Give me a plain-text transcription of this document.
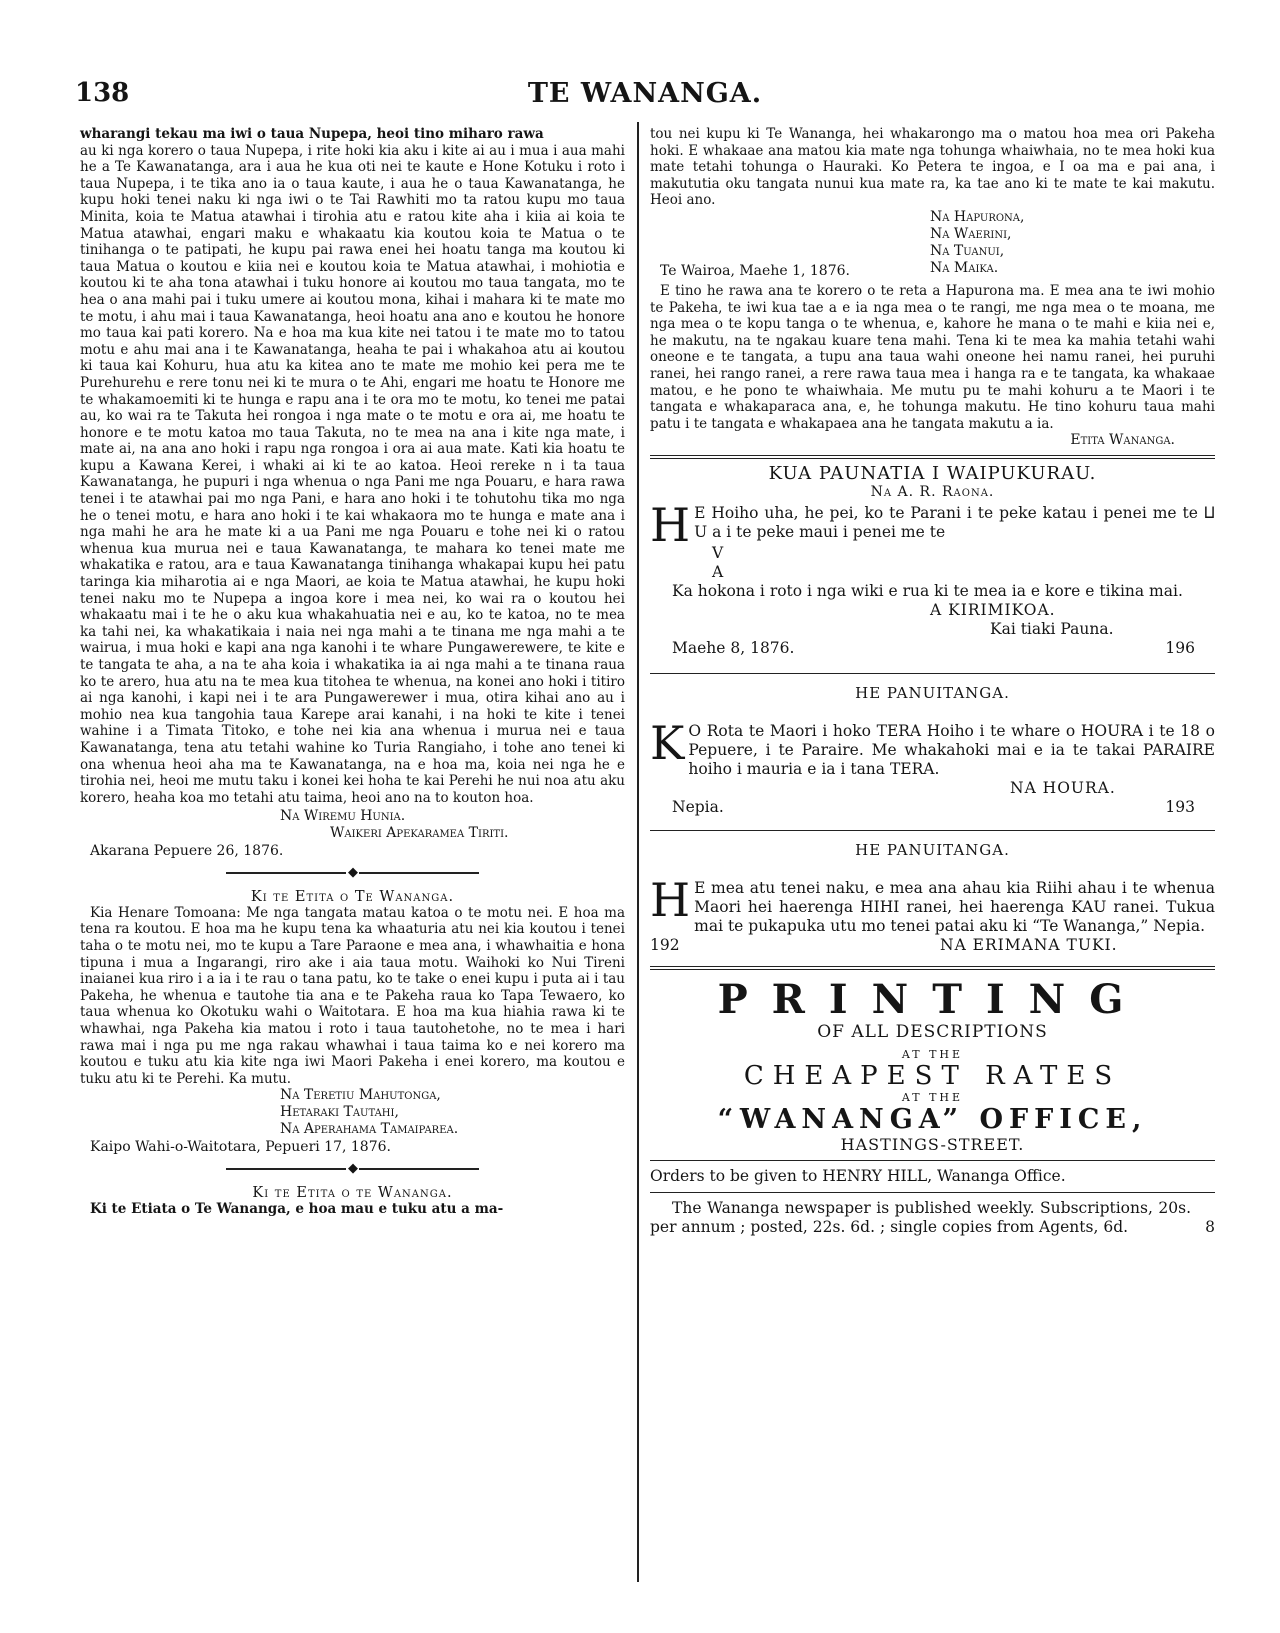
TE WANANGA.
138

wharangi tekau ma iwi o taua Nupepa, heoi tino miharo rawa

au ki nga korero o taua Nupepa, i rite hoki kia aku i kite ai au i mua i aua mahi he a Te Kawanatanga, ara i aua he kua oti nei te kaute e Hone Kotuku i roto i taua Nupepa, i te tika ano ia o taua kaute, i aua he o taua Kawanatanga, he kupu hoki tenei naku ki nga iwi o te Tai Rawhiti mo ta ratou kupu mo taua Minita, koia te Matua atawhai i tirohia atu e ratou kite aha i kiia ai koia te Matua atawhai, engari maku e whakaatu kia koutou koia te Matua o te tinihanga o te patipati, he kupu pai rawa enei hei hoatu tanga ma koutou ki taua Matua o koutou e kiia nei e koutou koia te Matua atawhai, i mohiotia e koutou ki te aha tona atawhai i tuku honore ai koutou mo taua tangata, mo te hea o ana mahi pai i tuku umere ai koutou mona, kihai i mahara ki te mate mo te motu, i ahu mai i taua Kawanatanga, heoi hoatu ana ano e koutou he honore mo taua kai pati korero. Na e hoa ma kua kite nei tatou i te mate mo to tatou motu e ahu mai ana i te Kawanatanga, heaha te pai i whakahoa atu ai koutou ki taua kai Kohuru, hua atu ka kitea ano te mate me mohio kei pera me te Purehurehu e rere tonu nei ki te mura o te Ahi, engari me hoatu te Honore me te whakamoemiti ki te hunga e rapu ana i te ora mo te motu, ko tenei me patai au, ko wai ra te Takuta hei rongoa i nga mate o te motu e ora ai, me hoatu te honore e te motu katoa mo taua Takuta, no te mea na ana i kite nga mate, i mate ai, na ana ano hoki i rapu nga rongoa i ora ai aua mate. Kati kia hoatu te kupu a Kawana Kerei, i whaki ai ki te ao katoa. Heoi rereke n i ta taua Kawanatanga, he pupuri i nga whenua o nga Pani me nga Pouaru, e hara rawa tenei i te atawhai pai mo nga Pani, e hara ano hoki i te tohutohu tika mo nga he o tenei motu, e hara ano hoki i te kai whakaora mo te hunga e mate ana i nga mahi he ara he mate ki a ua Pani me nga Pouaru e tohe nei ki o ratou whenua kua murua nei e taua Kawanatanga, te mahara ko tenei mate me whakatika e ratou, ara e taua Kawanatanga tinihanga whakapai kupu hei patu taringa kia miharotia ai e nga Maori, ae koia te Matua atawhai, he kupu hoki tenei naku mo te Nupepa a ingoa kore i mea nei, ko wai ra o koutou hei whakaatu mai i te he o aku kua whakahuatia nei e au, ko te katoa, no te mea ka tahi nei, ka whakatikaia i naia nei nga mahi a te tinana me nga mahi a te wairua, i mua hoki e kapi ana nga kanohi i te whare Pungawerewere, te kite e te tangata te aha, a na te aha koia i whakatika ia ai nga mahi a te tinana raua ko te arero, hua atu na te mea kua titohea te whenua, na konei ano hoki i titiro ai nga kanohi, i kapi nei i te ara Pungawerewer i mua, otira kihai ano au i mohio nea kua tangohia taua Karepe arai kanahi, i na hoki te kite i tenei wahine i a Timata Titoko, e tohe nei kia ana whenua i murua nei e taua Kawanatanga, tena atu tetahi wahine ko Turia Rangiaho, i tohe ano tenei ki ona whenua heoi aha ma te Kawanatanga, na e hoa ma, koia nei nga he e tirohia nei, heoi me mutu taku i konei kei hoha te kai Perehi he nui noa atu aku korero, heaha koa mo tetahi atu taima, heoi ano na to kouton hoa.

Na Wiremu Hunia.

Waikeri Apekaramea Tiriti.

Akarana Pepuere 26, 1876.

◆

Ki te Etita o Te Wananga.

Kia Henare Tomoana: Me nga tangata matau katoa o te motu nei. E hoa ma tena ra koutou. E hoa ma he kupu tena ka whaaturia atu nei kia koutou i tenei taha o te motu nei, mo te kupu a Tare Paraone e mea ana, i whawhaitia e hona tipuna i mua a Ingarangi, riro ake i aia taua motu. Waihoki ko Nui Tireni inaianei kua riro i a ia i te rau o tana patu, ko te take o enei kupu i puta ai i tau Pakeha, he whenua e tautohe tia ana e te Pakeha raua ko Tapa Tewaero, ko taua whenua ko Okotuku wahi o Waitotara. E hoa ma kua hiahia rawa ki te whawhai, nga Pakeha kia matou i roto i taua tautohetohe, no te mea i hari rawa mai i nga pu me nga rakau whawhai i taua taima ko e nei korero ma koutou e tuku atu kia kite nga iwi Maori Pakeha i enei korero, ma koutou e tuku atu ki te Perehi. Ka mutu.

Na Teretiu Mahutonga,

Hetaraki Tautahi,

Na Aperahama Tamaiparea.

Kaipo Wahi-o-Waitotara, Pepueri 17, 1876.

◆

Ki te Etita o te Wananga.

Ki te Etiata o Te Wananga, e hoa mau e tuku atu a ma-

tou nei kupu ki Te Wananga, hei whakarongo ma o matou hoa mea ori Pakeha hoki. E whakaae ana matou kia mate nga tohunga whaiwhaia, no te mea hoki kua mate tetahi tohunga o Hauraki. Ko Petera te ingoa, e I oa ma e pai ana, i makututia oku tangata nunui kua mate ra, ka tae ano ki te mate te kai makutu. Heoi ano.

Na Hapurona,

Na Waerini,

Na Tuanui,

Na Maika.

Te Wairoa, Maehe 1, 1876.

E tino he rawa ana te korero o te reta a Hapurona ma. E mea ana te iwi mohio te Pakeha, te iwi kua tae a e ia nga mea o te rangi, me nga mea o te moana, me nga mea o te kopu tanga o te whenua, e, kahore he mana o te mahi e kiia nei e, he makutu, na te ngakau kuare tena mahi. Tena ki te mea ka mahia tetahi wahi oneone e te tangata, a tupu ana taua wahi oneone hei namu ranei, hei puruhi ranei, hei rango ranei, a rere rawa taua mea i hanga ra e te tangata, ka whakaae matou, e he pono te whaiwhaia. Me mutu pu te mahi kohuru a te Maori i te tangata e whakaparaca ana, e, he tohunga makutu. He tino kohuru taua mahi patu i te tangata e whakapaea ana he tangata makutu a ia.

Etita Wananga.

KUA PAUNATIA I WAIPUKURAU.

Na A. R. Raona.

H E Hoiho uha, he pei, ko te Parani i te peke katau i penei me te ⨿ U a i te peke maui i penei me te

V

A

Ka hokona i roto i nga wiki e rua ki te mea ia e kore e tikina mai.

A KIRIMIKOA.

Kai tiaki Pauna.

Maehe 8, 1876.	196

HE PANUITANGA.

K O Rota te Maori i hoko TERA Hoiho i te whare o HOURA i te 18 o Pepuere, i te Paraire. Me whakahoki mai e ia te takai PARAIRE hoiho i mauria e ia i tana TERA.

NA HOURA.

Nepia.	193

HE PANUITANGA.

H E mea atu tenei naku, e mea ana ahau kia Riihi ahau i te whenua Maori hei haerenga HIHI ranei, hei haerenga KAU ranei. Tukua mai te pukapuka utu mo tenei patai aku ki “Te Wananga,” Nepia.

192	NA ERIMANA TUKI.

PRINTING

OF ALL DESCRIPTIONS

AT THE

CHEAPEST RATES

AT THE

“WANANGA” OFFICE,

HASTINGS-STREET.

Orders to be given to HENRY HILL, Wananga Office.

The Wananga newspaper is published weekly. Subscriptions, 20s. per annum ; posted, 22s. 6d. ; single copies from Agents, 6d.	8
